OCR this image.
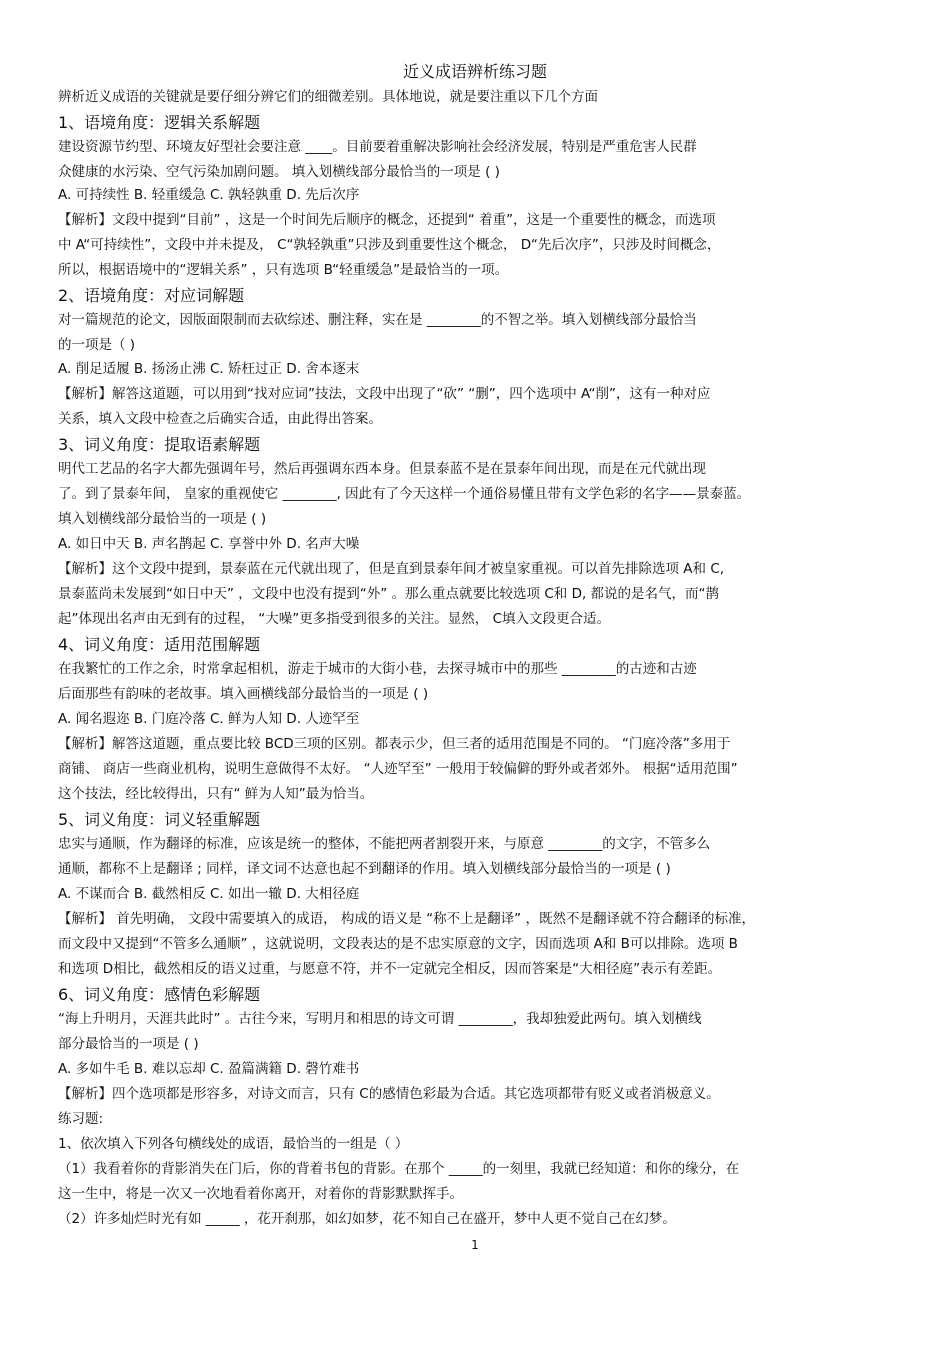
近义成语辨析练习题
辨析近义成语的关键就是要仔细分辨它们的细微差别。具体地说，就是要注重以下几个方面
1、语境角度：逻辑关系解题
建设资源节约型、环境友好型社会要注意 ____。目前要着重解决影响社会经济发展，特别是严重危害人民群
众健康的水污染、空气污染加剧问题。 填入划横线部分最恰当的一项是 ( )
A. 可持续性 B. 轻重缓急 C. 孰轻孰重 D. 先后次序
【解析】文段中提到“目前” ，这是一个时间先后顺序的概念，还提到“ 着重”，这是一个重要性的概念，而选项
中 A“可持续性”，文段中并未提及， C“孰轻孰重”只涉及到重要性这个概念， D“先后次序”，只涉及时间概念，
所以，根据语境中的“逻辑关系” ，只有选项 B“轻重缓急”是最恰当的一项。
2、语境角度：对应词解题
对一篇规范的论文，因版面限制而去砍综述、删注释，实在是 ________的不智之举。填入划横线部分最恰当
的一项是（ )
A. 削足适履 B. 扬汤止沸 C. 矫枉过正 D. 舍本逐末
【解析】解答这道题，可以用到“找对应词”技法，文段中出现了“砍” “删”，四个选项中 A“削”，这有一种对应
关系，填入文段中检查之后确实合适，由此得出答案。
3、词义角度：提取语素解题
明代工艺品的名字大都先强调年号，然后再强调东西本身。但景泰蓝不是在景泰年间出现，而是在元代就出现
了。到了景泰年间， 皇家的重视使它 ________, 因此有了今天这样一个通俗易懂且带有文学色彩的名字——景泰蓝。
填入划横线部分最恰当的一项是 ( )
A. 如日中天 B. 声名鹊起 C. 享誉中外 D. 名声大噪
【解析】这个文段中提到，景泰蓝在元代就出现了，但是直到景泰年间才被皇家重视。可以首先排除选项 A和 C,
景泰蓝尚未发展到“如日中天” ，文段中也没有提到“外” 。那么重点就要比较选项 C和 D, 都说的是名气，而“鹊
起”体现出名声由无到有的过程， “大噪”更多指受到很多的关注。显然， C填入文段更合适。
4、词义角度：适用范围解题
在我繁忙的工作之余，时常拿起相机，游走于城市的大街小巷，去探寻城市中的那些 ________的古迹和古迹
后面那些有韵味的老故事。填入画横线部分最恰当的一项是 ( )
A. 闻名遐迩 B. 门庭冷落 C. 鲜为人知 D. 人迹罕至
【解析】解答这道题，重点要比较 BCD三项的区别。都表示少，但三者的适用范围是不同的。 “门庭冷落”多用于
商铺、 商店一些商业机构，说明生意做得不太好。 “人迹罕至” 一般用于较偏僻的野外或者郊外。 根据“适用范围”
这个技法，经比较得出，只有“ 鲜为人知”最为恰当。
5、词义角度：词义轻重解题
忠实与通顺，作为翻译的标准，应该是统一的整体，不能把两者割裂开来，与原意 ________的文字，不管多么
通顺，都称不上是翻译 ; 同样，译文词不达意也起不到翻译的作用。填入划横线部分最恰当的一项是 ( )
A. 不谋而合 B. 截然相反 C. 如出一辙 D. 大相径庭
【解析】 首先明确， 文段中需要填入的成语， 构成的语义是 “称不上是翻译” ，既然不是翻译就不符合翻译的标准，
而文段中又提到“不管多么通顺” ，这就说明，文段表达的是不忠实原意的文字，因而选项 A和 B可以排除。选项 B
和选项 D相比，截然相反的语义过重，与愿意不符，并不一定就完全相反，因而答案是“大相径庭”表示有差距。
6、词义角度：感情色彩解题
“海上升明月，天涯共此时” 。古往今来，写明月和相思的诗文可谓 ________，我却独爱此两句。填入划横线
部分最恰当的一项是 ( )
A. 多如牛毛 B. 难以忘却 C. 盈篇满籍 D. 磬竹难书
【解析】四个选项都是形容多，对诗文而言，只有 C的感情色彩最为合适。其它选项都带有贬义或者消极意义。
练习题:
1、依次填入下列各句横线处的成语，最恰当的一组是（ ）
（1）我看着你的背影消失在门后，你的背着书包的背影。在那个 _____的一刻里，我就已经知道：和你的缘分，在
这一生中，将是一次又一次地看着你离开，对着你的背影默默挥手。
（2）许多灿烂时光有如 _____ ，花开刹那，如幻如梦，花不知自己在盛开，梦中人更不觉自己在幻梦。
1
